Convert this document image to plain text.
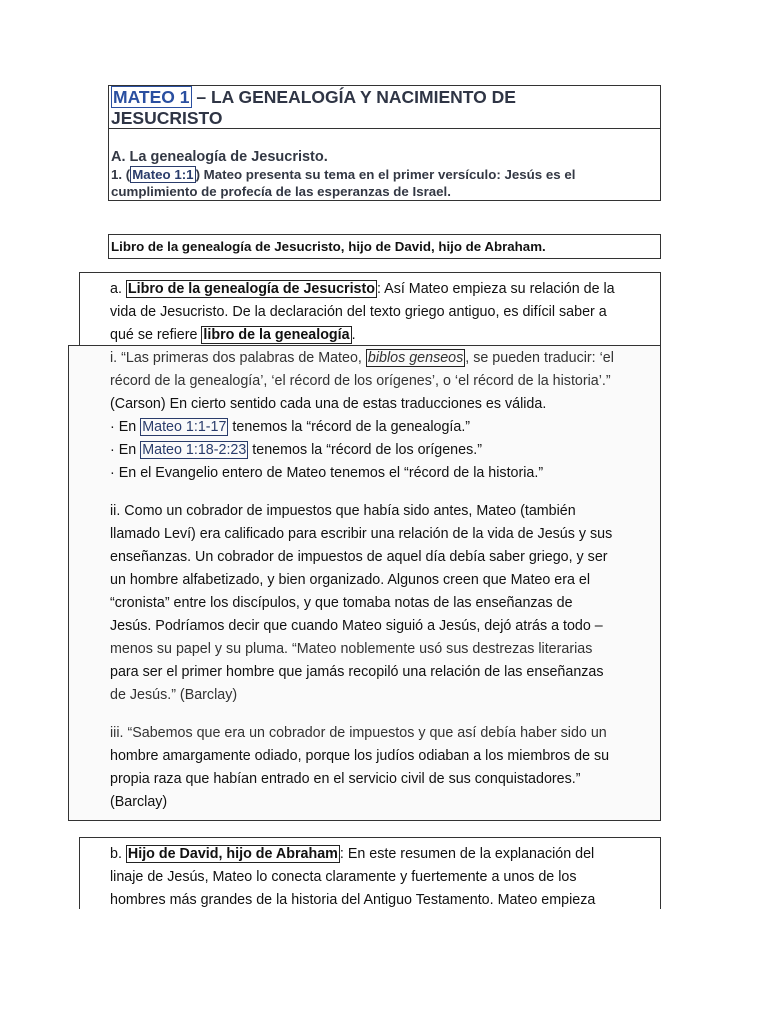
MATEO 1 – LA GENEALOGÍA Y NACIMIENTO DE

JESUCRISTO

A. La genealogía de Jesucristo.

1. ( Mateo 1:1 ) Mateo presenta su tema en el primer versículo: Jesús es el

cumplimiento de profecía de las esperanzas de Israel.

Libro de la genealogía de Jesucristo, hijo de David, hijo de Abraham.

a. Libro de la genealogía de Jesucristo : Así Mateo empieza su relación de la

vida de Jesucristo. De la declaración del texto griego antiguo, es difícil saber a

qué se refiere libro de la genealogía .

i. “Las primeras dos palabras de Mateo, biblos genseos , se pueden traducir: ‘el

récord de la genealogía’, ‘el récord de los orígenes’, o ‘el récord de la historia’.”

(Carson) En cierto sentido cada una de estas traducciones es válida.

· En Mateo 1:1-17 tenemos la “récord de la genealogía.”

· En Mateo 1:18-2:23 tenemos la “récord de los orígenes.”

· En el Evangelio entero de Mateo tenemos el “récord de la historia.”

ii. Como un cobrador de impuestos que había sido antes, Mateo (también

llamado Leví) era calificado para escribir una relación de la vida de Jesús y sus

enseñanzas. Un cobrador de impuestos de aquel día debía saber griego, y ser

un hombre alfabetizado, y bien organizado. Algunos creen que Mateo era el

“cronista” entre los discípulos, y que tomaba notas de las enseñanzas de

Jesús. Podríamos decir que cuando Mateo siguió a Jesús, dejó atrás a todo –

menos su papel y su pluma. “Mateo noblemente usó sus destrezas literarias

para ser el primer hombre que jamás recopiló una relación de las enseñanzas

de Jesús.” (Barclay)

iii. “Sabemos que era un cobrador de impuestos y que así debía haber sido un

hombre amargamente odiado, porque los judíos odiaban a los miembros de su

propia raza que habían entrado en el servicio civil de sus conquistadores.”

(Barclay)

b. Hijo de David, hijo de Abraham : En este resumen de la explanación del

linaje de Jesús, Mateo lo conecta claramente y fuertemente a unos de los

hombres más grandes de la historia del Antiguo Testamento. Mateo empieza
